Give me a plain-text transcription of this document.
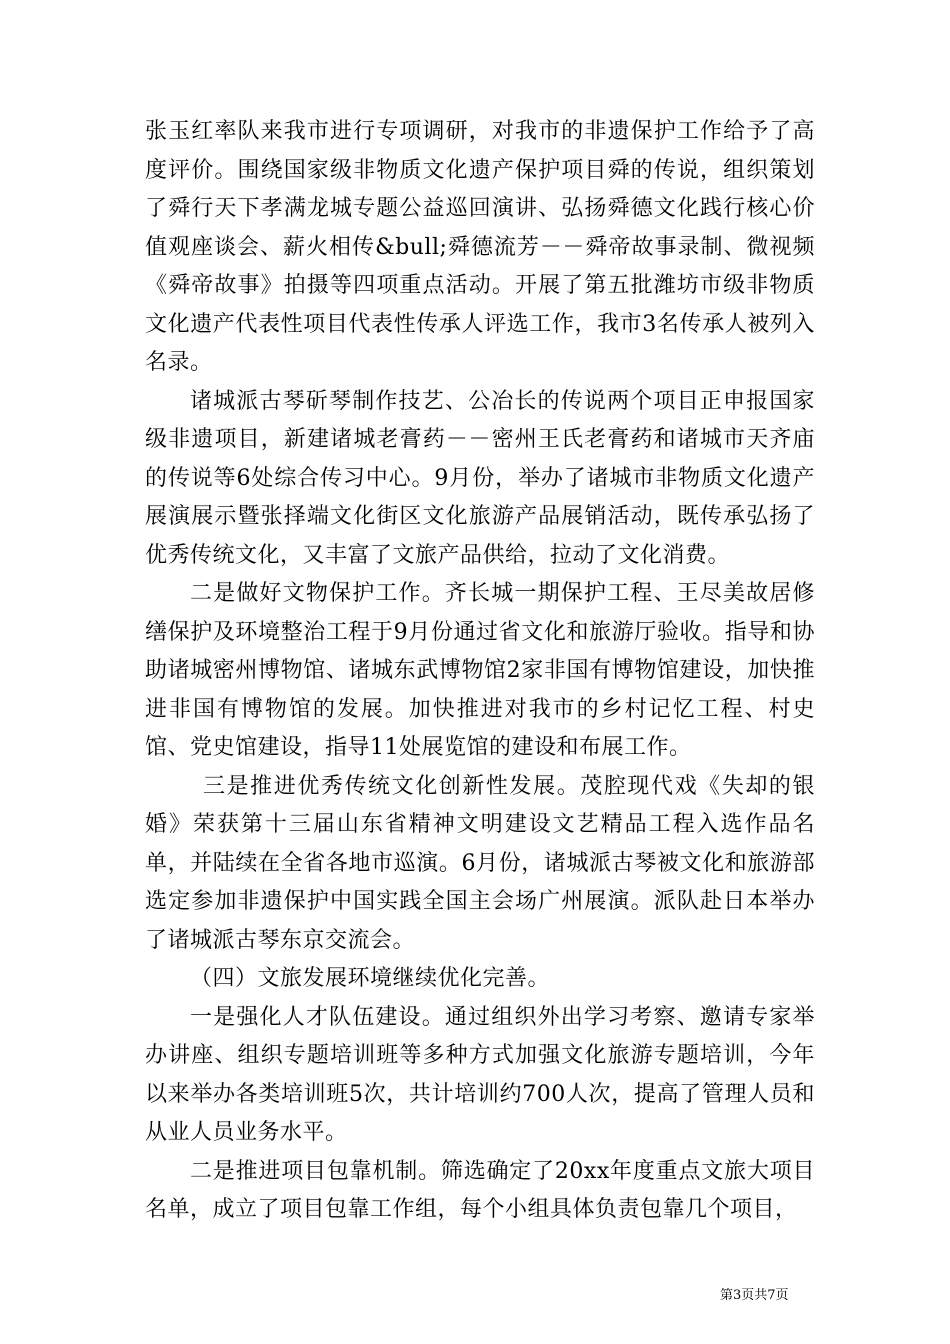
张玉红率队来我市进行专项调研，对我市的非遗保护工作给予了高度评价。围绕国家级非物质文化遗产保护项目舜的传说，组织策划了舜行天下孝满龙城专题公益巡回演讲、弘扬舜德文化践行核心价值观座谈会、薪火相传&bull;舜德流芳－－舜帝故事录制、微视频《舜帝故事》拍摄等四项重点活动。开展了第五批潍坊市级非物质文化遗产代表性项目代表性传承人评选工作，我市3名传承人被列入名录。

诸城派古琴斫琴制作技艺、公冶长的传说两个项目正申报国家级非遗项目，新建诸城老膏药－－密州王氏老膏药和诸城市天齐庙的传说等6处综合传习中心。9月份，举办了诸城市非物质文化遗产展演展示暨张择端文化街区文化旅游产品展销活动，既传承弘扬了优秀传统文化，又丰富了文旅产品供给，拉动了文化消费。

二是做好文物保护工作。齐长城一期保护工程、王尽美故居修缮保护及环境整治工程于9月份通过省文化和旅游厅验收。指导和协助诸城密州博物馆、诸城东武博物馆2家非国有博物馆建设，加快推进非国有博物馆的发展。加快推进对我市的乡村记忆工程、村史馆、党史馆建设，指导11处展览馆的建设和布展工作。

三是推进优秀传统文化创新性发展。茂腔现代戏《失却的银婚》荣获第十三届山东省精神文明建设文艺精品工程入选作品名单，并陆续在全省各地市巡演。6月份，诸城派古琴被文化和旅游部选定参加非遗保护中国实践全国主会场广州展演。派队赴日本举办了诸城派古琴东京交流会。

（四）文旅发展环境继续优化完善。

一是强化人才队伍建设。通过组织外出学习考察、邀请专家举办讲座、组织专题培训班等多种方式加强文化旅游专题培训，今年以来举办各类培训班5次，共计培训约700人次，提高了管理人员和从业人员业务水平。

二是推进项目包靠机制。筛选确定了20xx年度重点文旅大项目名单，成立了项目包靠工作组，每个小组具体负责包靠几个项目，

第3页共7页
